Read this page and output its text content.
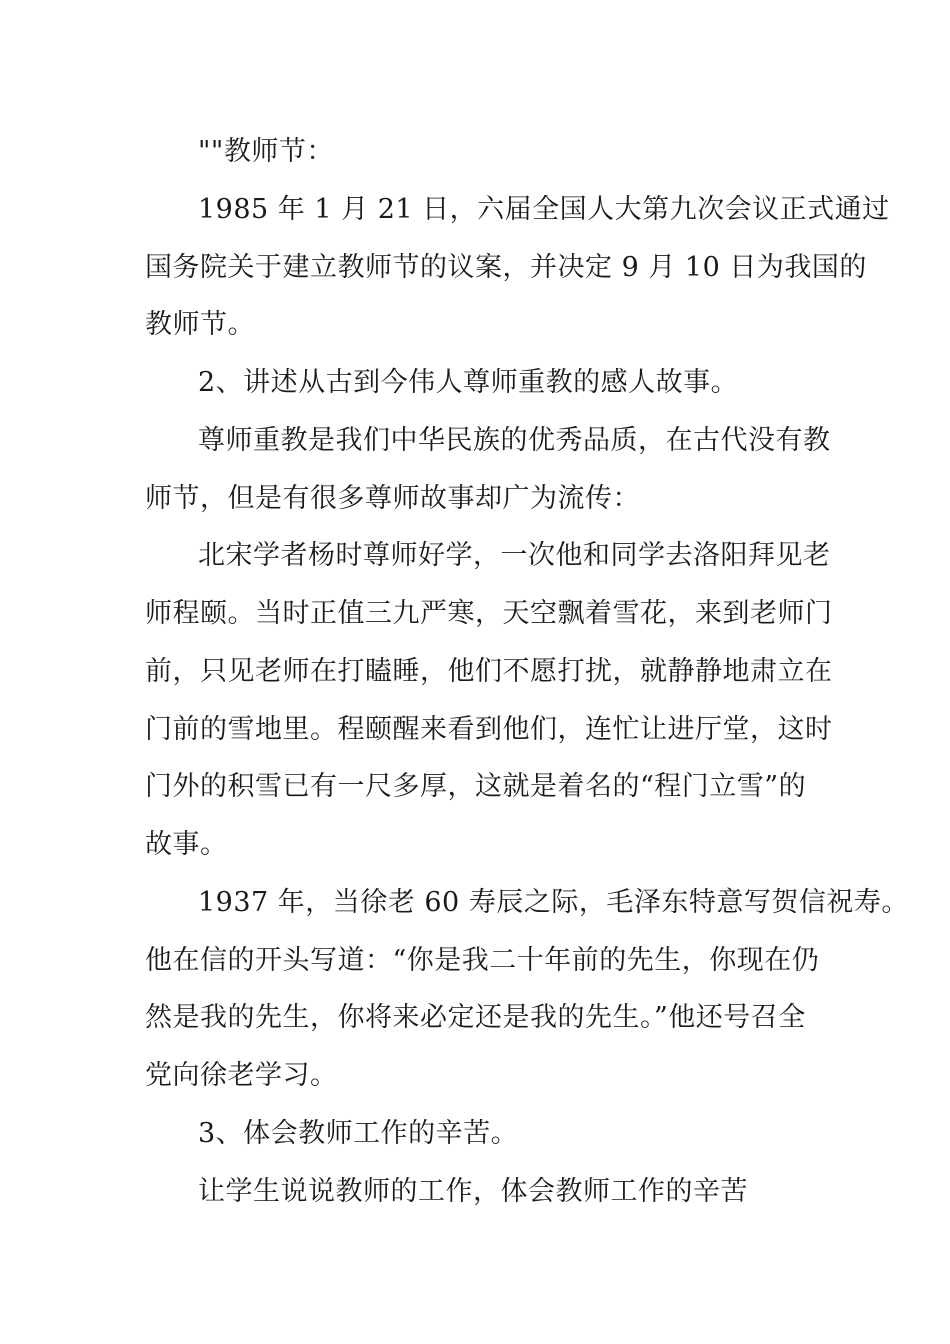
""教师节：
1985 年 1 月 21 日，六届全国人大第九次会议正式通过
国务院关于建立教师节的议案，并决定 9 月 10 日为我国的
教师节。
2、讲述从古到今伟人尊师重教的感人故事。
尊师重教是我们中华民族的优秀品质，在古代没有教
师节，但是有很多尊师故事却广为流传：
北宋学者杨时尊师好学，一次他和同学去洛阳拜见老
师程颐。当时正值三九严寒，天空飘着雪花，来到老师门
前，只见老师在打瞌睡，他们不愿打扰，就静静地肃立在
门前的雪地里。程颐醒来看到他们，连忙让进厅堂，这时
门外的积雪已有一尺多厚，这就是着名的“程门立雪”的
故事。
1937 年，当徐老 60 寿辰之际，毛泽东特意写贺信祝寿。
他在信的开头写道：“你是我二十年前的先生，你现在仍
然是我的先生，你将来必定还是我的先生。”他还号召全
党向徐老学习。
3、体会教师工作的辛苦。
让学生说说教师的工作，体会教师工作的辛苦
